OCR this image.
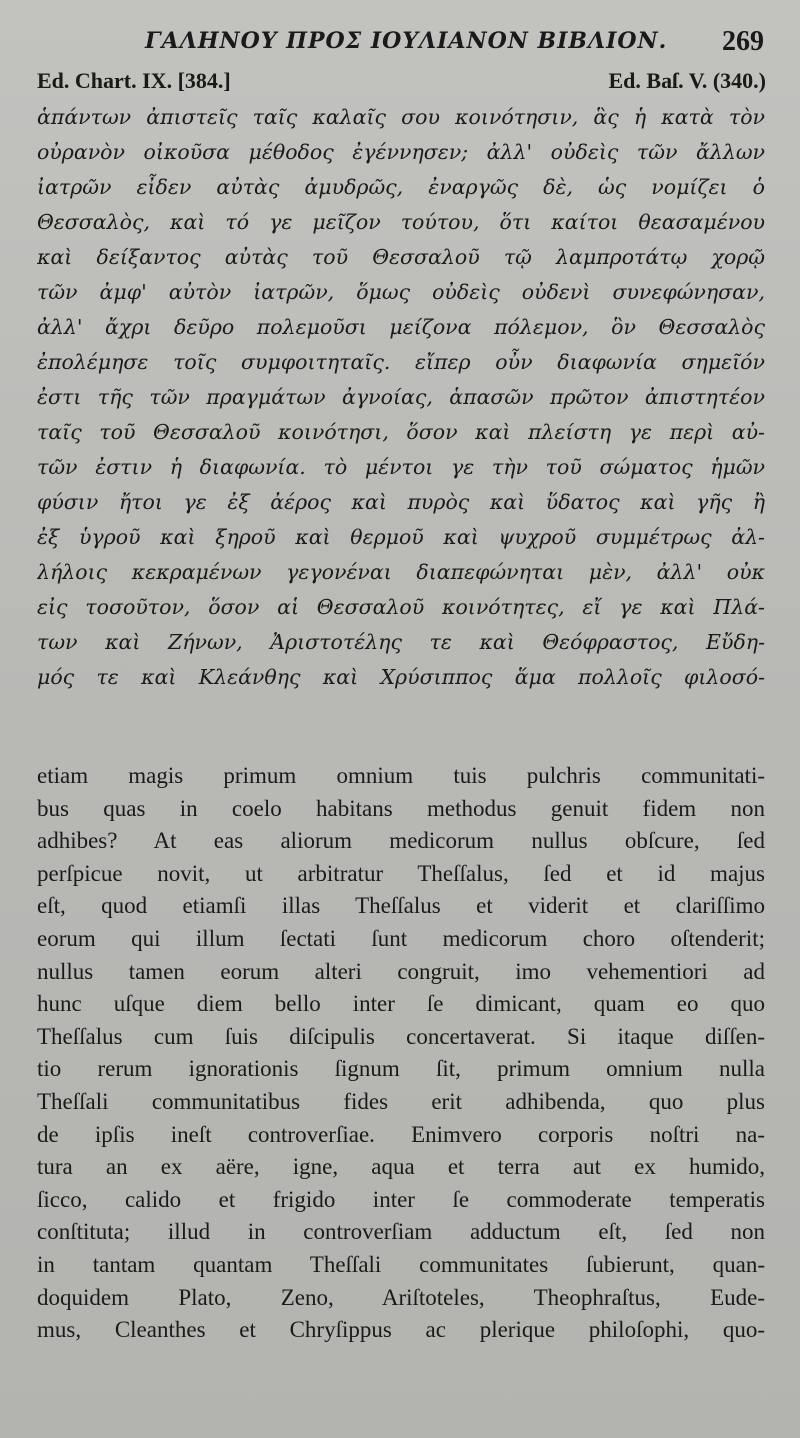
ΓΑΛΗΝΟΥ ΠΡΟΣ ΙΟΥΛΙΑΝΟΝ ΒΙΒΛΙΟΝ. 269
Ed. Chart. IX. [384.]	Ed. Baſ. V. (340.)
ἁπάντων ἀπιστεῖς ταῖς καλαῖς σου κοινότησιν, ἃς ἡ κατὰ τὸν
οὐρανὸν οἰκοῦσα μέθοδος ἐγέννησεν; ἀλλ' οὐδεὶς τῶν ἄλλων
ἰατρῶν εἶδεν αὐτὰς ἀμυδρῶς, ἐναργῶς δὲ, ὡς νομίζει ὁ
Θεσσαλὸς, καὶ τό γε μεῖζον τούτου, ὅτι καίτοι θεασαμένου
καὶ δείξαντος αὐτὰς τοῦ Θεσσαλοῦ τῷ λαμπροτάτῳ χορῷ
τῶν ἀμφ' αὐτὸν ἰατρῶν, ὅμως οὐδεὶς οὐδενὶ συνεφώνησαν,
ἀλλ' ἄχρι δεῦρο πολεμοῦσι μείζονα πόλεμον, ὃν Θεσσαλὸς
ἐπολέμησε τοῖς συμφοιτηταῖς. εἴπερ οὖν διαφωνία σημεῖόν
ἐστι τῆς τῶν πραγμάτων ἀγνοίας, ἁπασῶν πρῶτον ἀπιστητέον
ταῖς τοῦ Θεσσαλοῦ κοινότησι, ὅσον καὶ πλείστη γε περὶ αὐ-
τῶν ἐστιν ἡ διαφωνία. τὸ μέντοι γε τὴν τοῦ σώματος ἡμῶν
φύσιν ἤτοι γε ἐξ ἀέρος καὶ πυρὸς καὶ ὕδατος καὶ γῆς ἢ
ἐξ ὑγροῦ καὶ ξηροῦ καὶ θερμοῦ καὶ ψυχροῦ συμμέτρως ἀλ-
λήλοις κεκραμένων γεγονέναι διαπεφώνηται μὲν, ἀλλ' οὐκ
εἰς τοσοῦτον, ὅσον αἱ Θεσσαλοῦ κοινότητες, εἴ γε καὶ Πλά-
των καὶ Ζήνων, Ἀριστοτέλης τε καὶ Θεόφραστος, Εὔδη-
μός τε καὶ Κλεάνθης καὶ Χρύσιππος ἅμα πολλοῖς φιλοσό-
etiam magis primum omnium tuis pulchris communitati-
bus quas in coelo habitans methodus genuit fidem non
adhibes? At eas aliorum medicorum nullus obſcure, ſed
perſpicue novit, ut arbitratur Theſſalus, ſed et id majus
eſt, quod etiamſi illas Theſſalus et viderit et clariſſimo
eorum qui illum ſectati ſunt medicorum choro oſtenderit;
nullus tamen eorum alteri congruit, imo vehementiori ad
hunc uſque diem bello inter ſe dimicant, quam eo quo
Theſſalus cum ſuis diſcipulis concertaverat. Si itaque diſſen-
tio rerum ignorationis ſignum ſit, primum omnium nulla
Theſſali communitatibus fides erit adhibenda, quo plus
de ipſis ineſt controverſiae. Enimvero corporis noſtri na-
tura an ex aëre, igne, aqua et terra aut ex humido,
ſicco, calido et frigido inter ſe commoderate temperatis
conſtituta; illud in controverſiam adductum eſt, ſed non
in tantam quantam Theſſali communitates ſubierunt, quan-
doquidem Plato, Zeno, Ariſtoteles, Theophraſtus, Eude-
mus, Cleanthes et Chryſippus ac plerique philoſophi, quo-
